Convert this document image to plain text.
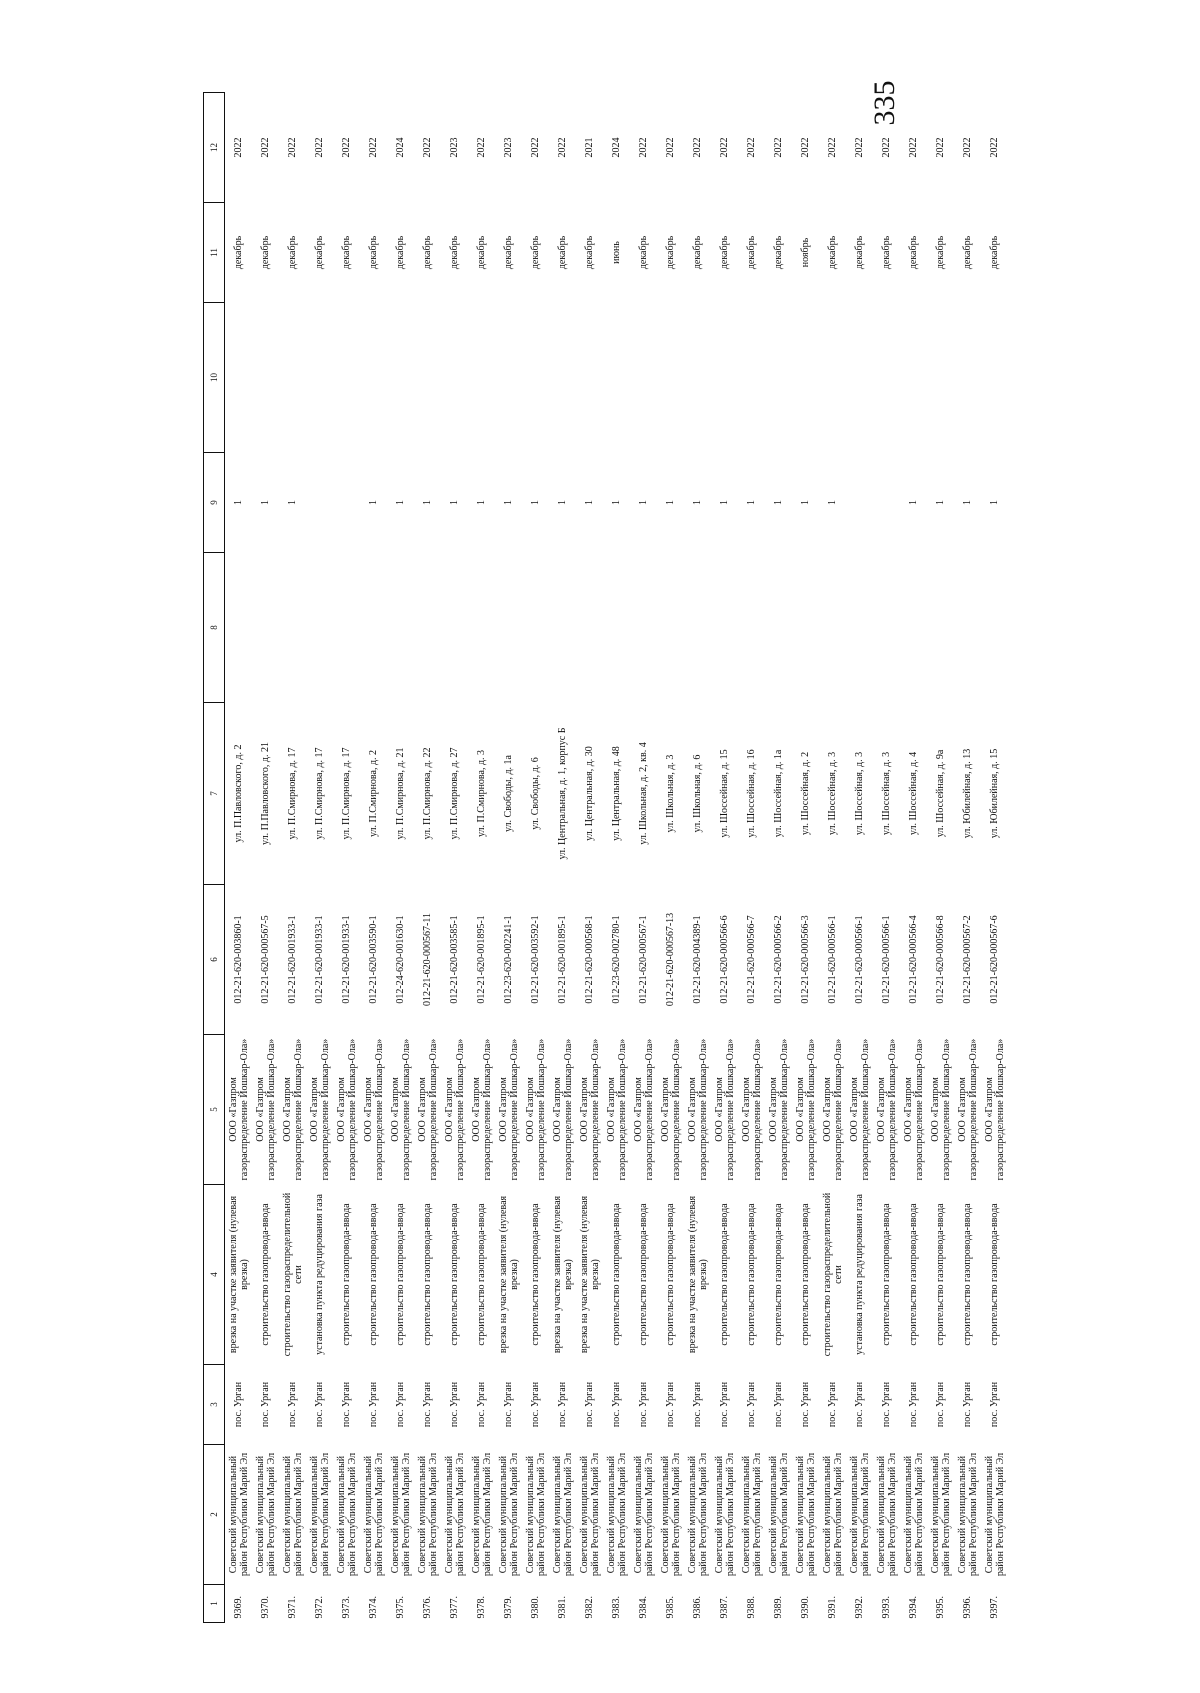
335
1	2	3	4	5	6	7	8	9	10	11	12
9369.	Советский муниципальный район Республики Марий Эл	пос. Урган	врезка на участке заявителя (нулевая врезка)	ООО «Газпром газораспределение Йошкар-Ола»	012-21-620-003860-1	ул. П.Павловского, д. 2		1		декабрь	2022
9370.	Советский муниципальный район Республики Марий Эл	пос. Урган	строительство газопровода-ввода	ООО «Газпром газораспределение Йошкар-Ола»	012-21-620-000567-5	ул. П.Павловского, д. 21		1		декабрь	2022
9371.	Советский муниципальный район Республики Марий Эл	пос. Урган	строительство газораспределительной сети	ООО «Газпром газораспределение Йошкар-Ола»	012-21-620-001933-1	ул. П.Смирнова, д. 17		1		декабрь	2022
9372.	Советский муниципальный район Республики Марий Эл	пос. Урган	установка пункта редуцирования газа	ООО «Газпром газораспределение Йошкар-Ола»	012-21-620-001933-1	ул. П.Смирнова, д. 17				декабрь	2022
9373.	Советский муниципальный район Республики Марий Эл	пос. Урган	строительство газопровода-ввода	ООО «Газпром газораспределение Йошкар-Ола»	012-21-620-001933-1	ул. П.Смирнова, д. 17				декабрь	2022
9374.	Советский муниципальный район Республики Марий Эл	пос. Урган	строительство газопровода-ввода	ООО «Газпром газораспределение Йошкар-Ола»	012-21-620-003590-1	ул. П.Смирнова, д. 2		1		декабрь	2022
9375.	Советский муниципальный район Республики Марий Эл	пос. Урган	строительство газопровода-ввода	ООО «Газпром газораспределение Йошкар-Ола»	012-24-620-001630-1	ул. П.Смирнова, д. 21		1		декабрь	2024
9376.	Советский муниципальный район Республики Марий Эл	пос. Урган	строительство газопровода-ввода	ООО «Газпром газораспределение Йошкар-Ола»	012-21-620-000567-11	ул. П.Смирнова, д. 22		1		декабрь	2022
9377.	Советский муниципальный район Республики Марий Эл	пос. Урган	строительство газопровода-ввода	ООО «Газпром газораспределение Йошкар-Ола»	012-21-620-003585-1	ул. П.Смирнова, д. 27		1		декабрь	2023
9378.	Советский муниципальный район Республики Марий Эл	пос. Урган	строительство газопровода-ввода	ООО «Газпром газораспределение Йошкар-Ола»	012-21-620-001895-1	ул. П.Смирнова, д. 3		1		декабрь	2022
9379.	Советский муниципальный район Республики Марий Эл	пос. Урган	врезка на участке заявителя (нулевая врезка)	ООО «Газпром газораспределение Йошкар-Ола»	012-23-620-002241-1	ул. Свободы, д. 1а		1		декабрь	2023
9380.	Советский муниципальный район Республики Марий Эл	пос. Урган	строительство газопровода-ввода	ООО «Газпром газораспределение Йошкар-Ола»	012-21-620-003592-1	ул. Свободы, д. 6		1		декабрь	2022
9381.	Советский муниципальный район Республики Марий Эл	пос. Урган	врезка на участке заявителя (нулевая врезка)	ООО «Газпром газораспределение Йошкар-Ола»	012-21-620-001895-1	ул. Центральная, д. 1, корпус Б		1		декабрь	2022
9382.	Советский муниципальный район Республики Марий Эл	пос. Урган	врезка на участке заявителя (нулевая врезка)	ООО «Газпром газораспределение Йошкар-Ола»	012-21-620-000568-1	ул. Центральная, д. 30		1		декабрь	2021
9383.	Советский муниципальный район Республики Марий Эл	пос. Урган	строительство газопровода-ввода	ООО «Газпром газораспределение Йошкар-Ола»	012-23-620-002780-1	ул. Центральная, д. 48		1		июнь	2024
9384.	Советский муниципальный район Республики Марий Эл	пос. Урган	строительство газопровода-ввода	ООО «Газпром газораспределение Йошкар-Ола»	012-21-620-000567-1	ул. Школьная, д. 2, кв. 4		1		декабрь	2022
9385.	Советский муниципальный район Республики Марий Эл	пос. Урган	строительство газопровода-ввода	ООО «Газпром газораспределение Йошкар-Ола»	012-21-620-000567-13	ул. Школьная, д. 3		1		декабрь	2022
9386.	Советский муниципальный район Республики Марий Эл	пос. Урган	врезка на участке заявителя (нулевая врезка)	ООО «Газпром газораспределение Йошкар-Ола»	012-21-620-004389-1	ул. Школьная, д. 6		1		декабрь	2022
9387.	Советский муниципальный район Республики Марий Эл	пос. Урган	строительство газопровода-ввода	ООО «Газпром газораспределение Йошкар-Ола»	012-21-620-000566-6	ул. Шоссейная, д. 15		1		декабрь	2022
9388.	Советский муниципальный район Республики Марий Эл	пос. Урган	строительство газопровода-ввода	ООО «Газпром газораспределение Йошкар-Ола»	012-21-620-000566-7	ул. Шоссейная, д. 16		1		декабрь	2022
9389.	Советский муниципальный район Республики Марий Эл	пос. Урган	строительство газопровода-ввода	ООО «Газпром газораспределение Йошкар-Ола»	012-21-620-000566-2	ул. Шоссейная, д. 1а		1		декабрь	2022
9390.	Советский муниципальный район Республики Марий Эл	пос. Урган	строительство газопровода-ввода	ООО «Газпром газораспределение Йошкар-Ола»	012-21-620-000566-3	ул. Шоссейная, д. 2		1		ноябрь	2022
9391.	Советский муниципальный район Республики Марий Эл	пос. Урган	строительство газораспределительной сети	ООО «Газпром газораспределение Йошкар-Ола»	012-21-620-000566-1	ул. Шоссейная, д. 3		1		декабрь	2022
9392.	Советский муниципальный район Республики Марий Эл	пос. Урган	установка пункта редуцирования газа	ООО «Газпром газораспределение Йошкар-Ола»	012-21-620-000566-1	ул. Шоссейная, д. 3				декабрь	2022
9393.	Советский муниципальный район Республики Марий Эл	пос. Урган	строительство газопровода-ввода	ООО «Газпром газораспределение Йошкар-Ола»	012-21-620-000566-1	ул. Шоссейная, д. 3				декабрь	2022
9394.	Советский муниципальный район Республики Марий Эл	пос. Урган	строительство газопровода-ввода	ООО «Газпром газораспределение Йошкар-Ола»	012-21-620-000566-4	ул. Шоссейная, д. 4		1		декабрь	2022
9395.	Советский муниципальный район Республики Марий Эл	пос. Урган	строительство газопровода-ввода	ООО «Газпром газораспределение Йошкар-Ола»	012-21-620-000566-8	ул. Шоссейная, д. 9а		1		декабрь	2022
9396.	Советский муниципальный район Республики Марий Эл	пос. Урган	строительство газопровода-ввода	ООО «Газпром газораспределение Йошкар-Ола»	012-21-620-000567-2	ул. Юбилейная, д. 13		1		декабрь	2022
9397.	Советский муниципальный район Республики Марий Эл	пос. Урган	строительство газопровода-ввода	ООО «Газпром газораспределение Йошкар-Ола»	012-21-620-000567-6	ул. Юбилейная, д. 15		1		декабрь	2022
